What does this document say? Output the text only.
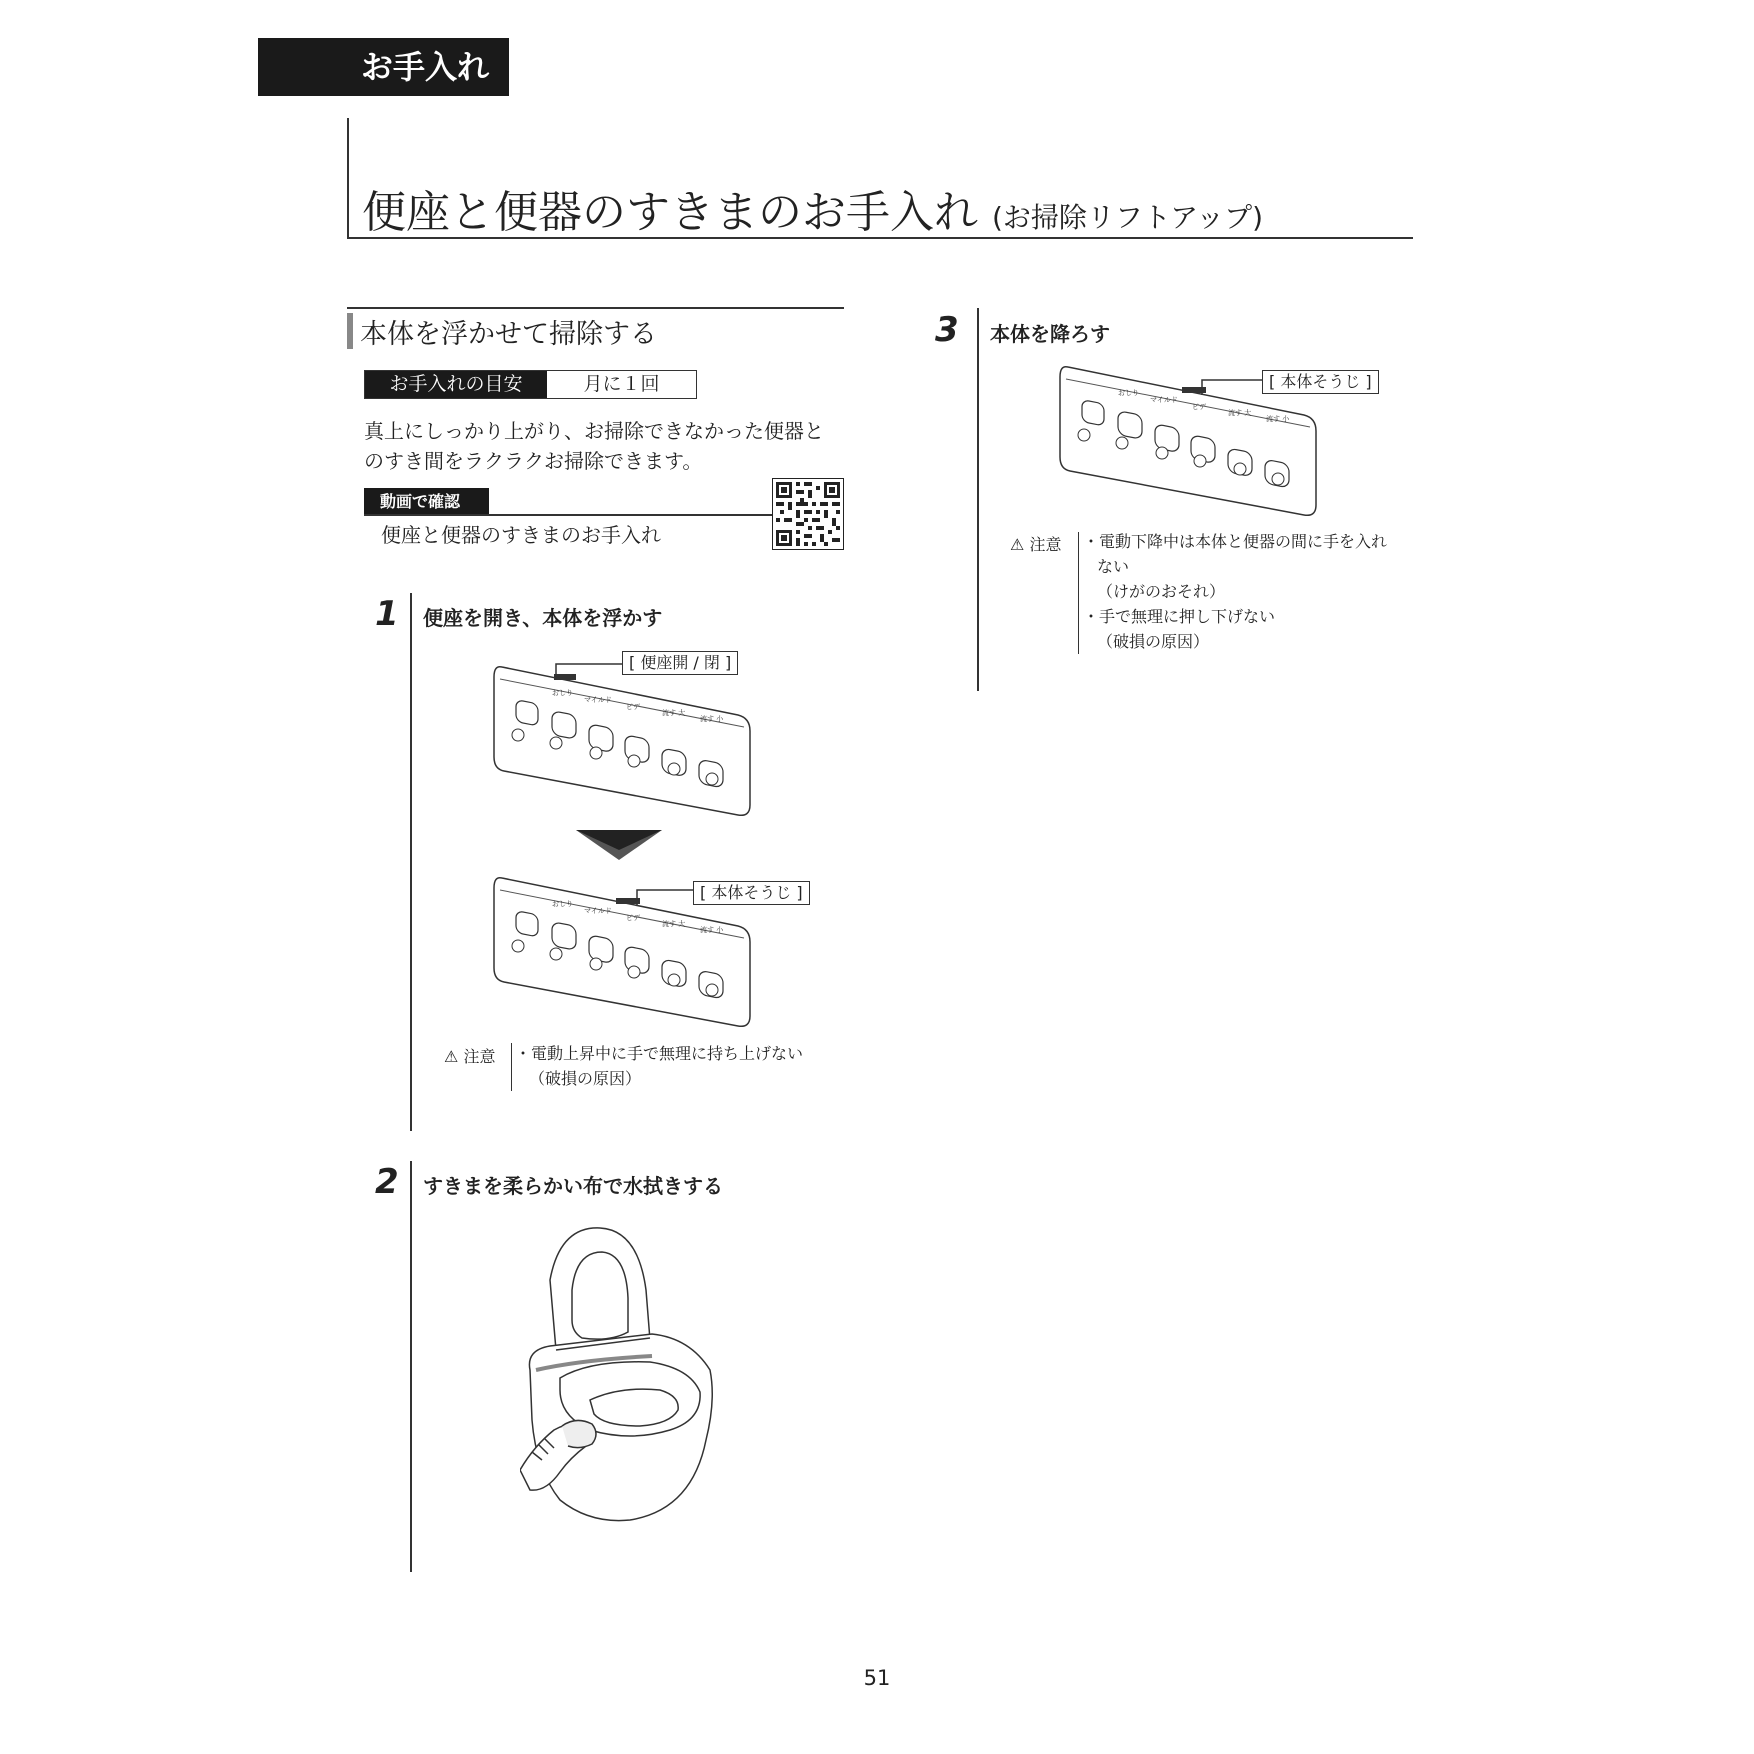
お手入れ
便座と便器のすきまのお手入れ (お掃除リフトアップ)
本体を浮かせて掃除する
お手入れの目安	月に１回
真上にしっかり上がり、お掃除できなかった便器と
のすき間をラクラクお掃除できます。
動画で確認
便座と便器のすきまのお手入れ
1 便座を開き、本体を浮かす
おしり
マイルド
ビデ
流す 大
流す 小
[ 便座開 / 閉 ]
おしり
マイルド
ビデ
流す 大
流す 小
[ 本体そうじ ]
⚠ 注意 ・電動上昇中に手で無理に持ち上げない
（破損の原因）
2 すきまを柔らかい布で水拭きする
3 本体を降ろす
おしり
マイルド
ビデ
流す 大
流す 小
[ 本体そうじ ]
⚠ 注意 ・電動下降中は本体と便器の間に手を入れ
ない
（けがのおそれ）
・手で無理に押し下げない
（破損の原因）
51
